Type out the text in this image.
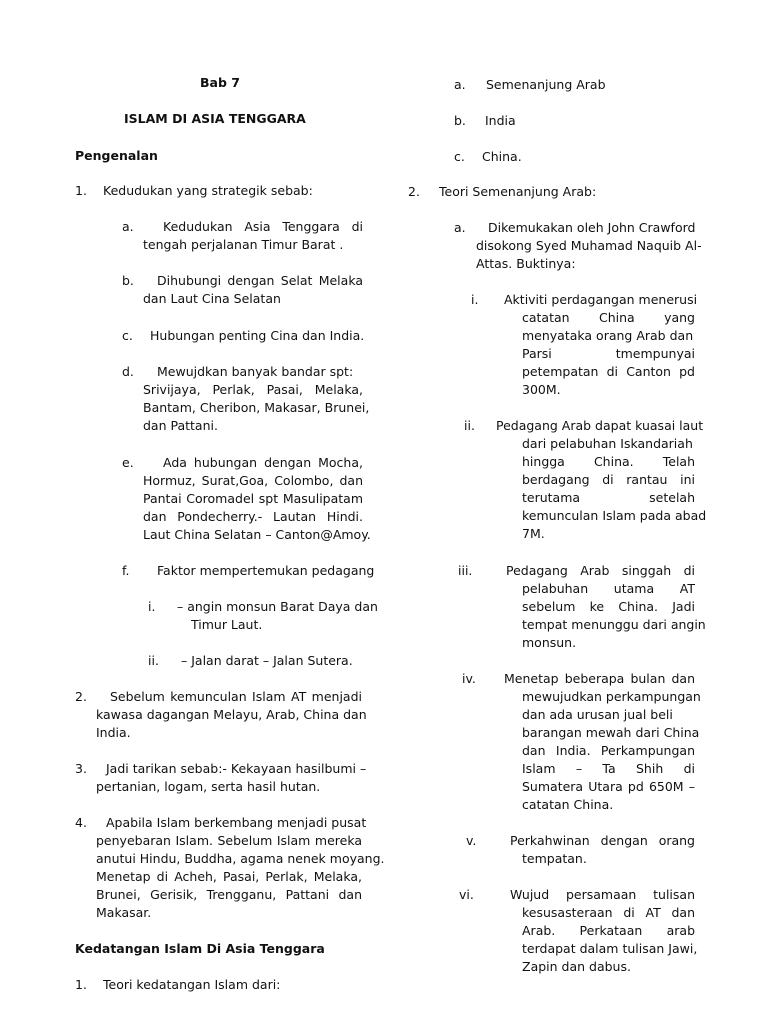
Bab 7
ISLAM DI ASIA TENGGARA
Pengenalan
1. Kedudukan yang strategik sebab:
a.	Kedudukan Asia Tenggara di
tengah perjalanan Timur Barat .
b.	Dihubungi dengan Selat Melaka
dan Laut Cina Selatan
c. Hubungan penting Cina dan India.
d.	Mewujdkan banyak bandar spt:
Srivijaya, Perlak, Pasai, Melaka,
Bantam, Cheribon, Makasar, Brunei,
dan Pattani.
e.	Ada hubungan dengan Mocha,
Hormuz, Surat,Goa, Colombo, dan
Pantai Coromadel spt Masulipatam
dan Pondecherry.- Lautan Hindi.
Laut China Selatan – Canton@Amoy.
f. Faktor mempertemukan pedagang
i. – angin monsun Barat Daya dan
Timur Laut.
ii. – Jalan darat – Jalan Sutera.
2.	Sebelum kemunculan Islam AT menjadi
kawasa dagangan Melayu, Arab, China dan
India.
3.	Jadi tarikan sebab:- Kekayaan hasilbumi –
pertanian, logam, serta hasil hutan.
4.	Apabila Islam berkembang menjadi pusat
penyebaran Islam. Sebelum Islam mereka
anutui Hindu, Buddha, agama nenek moyang.
Menetap di Acheh, Pasai, Perlak, Melaka,
Brunei, Gerisik, Trengganu, Pattani dan
Makasar.
Kedatangan Islam Di Asia Tenggara
1. Teori kedatangan Islam dari:
a. Semenanjung Arab
b. India
c. China.
2. Teori Semenanjung Arab:
a.	Dikemukakan oleh John Crawford
disokong Syed Muhamad Naquib Al-
Attas. Buktinya:
i. Aktiviti perdagangan menerusi
catatan China yang
menyataka orang Arab dan
Parsi tmempunyai
petempatan di Canton pd
300M.
ii. Pedagang Arab dapat kuasai laut
dari pelabuhan Iskandariah
hingga China. Telah
berdagang di rantau ini
terutama setelah
kemunculan Islam pada abad
7M.
iii.	Pedagang Arab singgah di
pelabuhan utama AT
sebelum ke China. Jadi
tempat menunggu dari angin
monsun.
iv. Menetap beberapa bulan dan
mewujudkan perkampungan
dan ada urusan jual beli
barangan mewah dari China
dan India. Perkampungan
Islam – Ta Shih di
Sumatera Utara pd 650M –
catatan China.
v.	Perkahwinan dengan orang
tempatan.
vi.	Wujud persamaan tulisan
kesusasteraan di AT dan
Arab. Perkataan arab
terdapat dalam tulisan Jawi,
Zapin dan dabus.
